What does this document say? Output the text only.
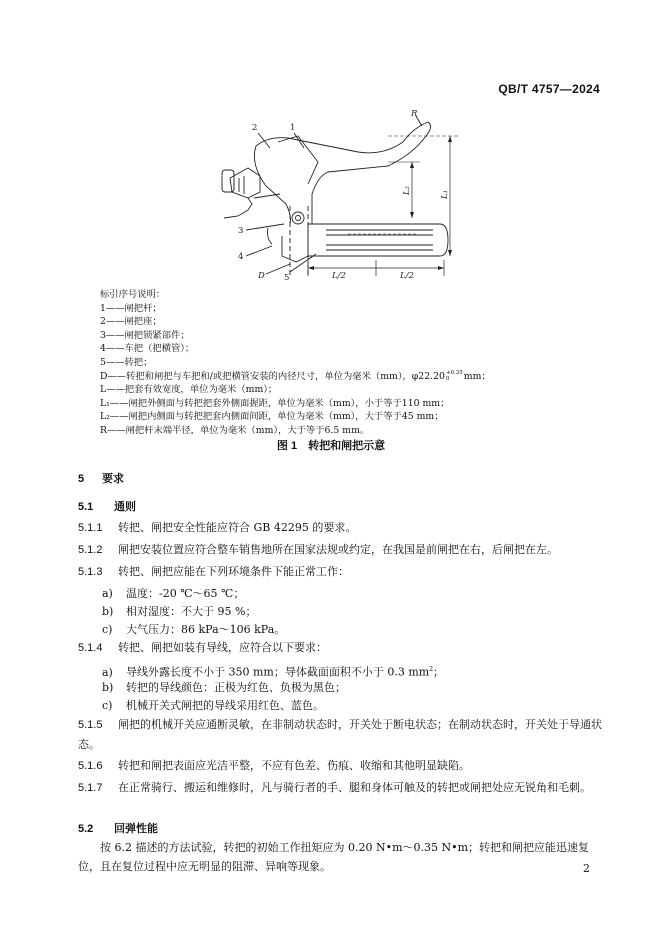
QB/T 4757—2024
R
2	1
3
4
5
D	L/2	L/2
L₂	L₁
标引序号说明：
1——闸把杆；
2——闸把座；
3——闸把锁紧部件；
4——车把（把横管）；
5——转把；
D——转把和闸把与车把和/或把横管安装的内径尺寸，单位为毫米（mm），φ22.20 +0.35
0	mm；
L——把套有效宽度，单位为毫米（mm）；
L₁——闸把外侧面与转把把套外侧面握距，单位为毫米（mm），小于等于110 mm；
L₂——闸把内侧面与转把把套内侧面间距，单位为毫米（mm），大于等于45 mm；
R——闸把杆末端半径，单位为毫米（mm），大于等于6.5 mm。
图 1　转把和闸把示意
5 要求
5.1 通则
5.1.1 转把、闸把安全性能应符合 GB 42295 的要求。
5.1.2 闸把安装位置应符合整车销售地所在国家法规或约定，在我国是前闸把在右，后闸把在左。
5.1.3 转把、闸把应能在下列环境条件下能正常工作：
a) 温度：-20 ℃～65 ℃；
b) 相对湿度：不大于 95 %；
c) 大气压力：86 kPa～106 kPa。
5.1.4 转把、闸把如装有导线，应符合以下要求：
a) 导线外露长度不小于 350 mm；导体截面面积不小于 0.3 $mm^2$；
b) 转把的导线颜色：正极为红色、负极为黑色；
c) 机械开关式闸把的导线采用红色、蓝色。
5.1.5 闸把的机械开关应通断灵敏，在非制动状态时，开关处于断电状态；在制动状态时，开关处于导通状态。
5.1.6 转把和闸把表面应光洁平整，不应有色差、伤痕、收缩和其他明显缺陷。
5.1.7 在正常骑行、搬运和维修时，凡与骑行者的手、腿和身体可触及的转把或闸把处应无锐角和毛刺。
5.2 回弹性能
按 6.2 描述的方法试验，转把的初始工作扭矩应为 0.20 N•m～0.35 N•m；转把和闸把应能迅速复位，且在复位过程中应无明显的阻滞、异响等现象。	2
